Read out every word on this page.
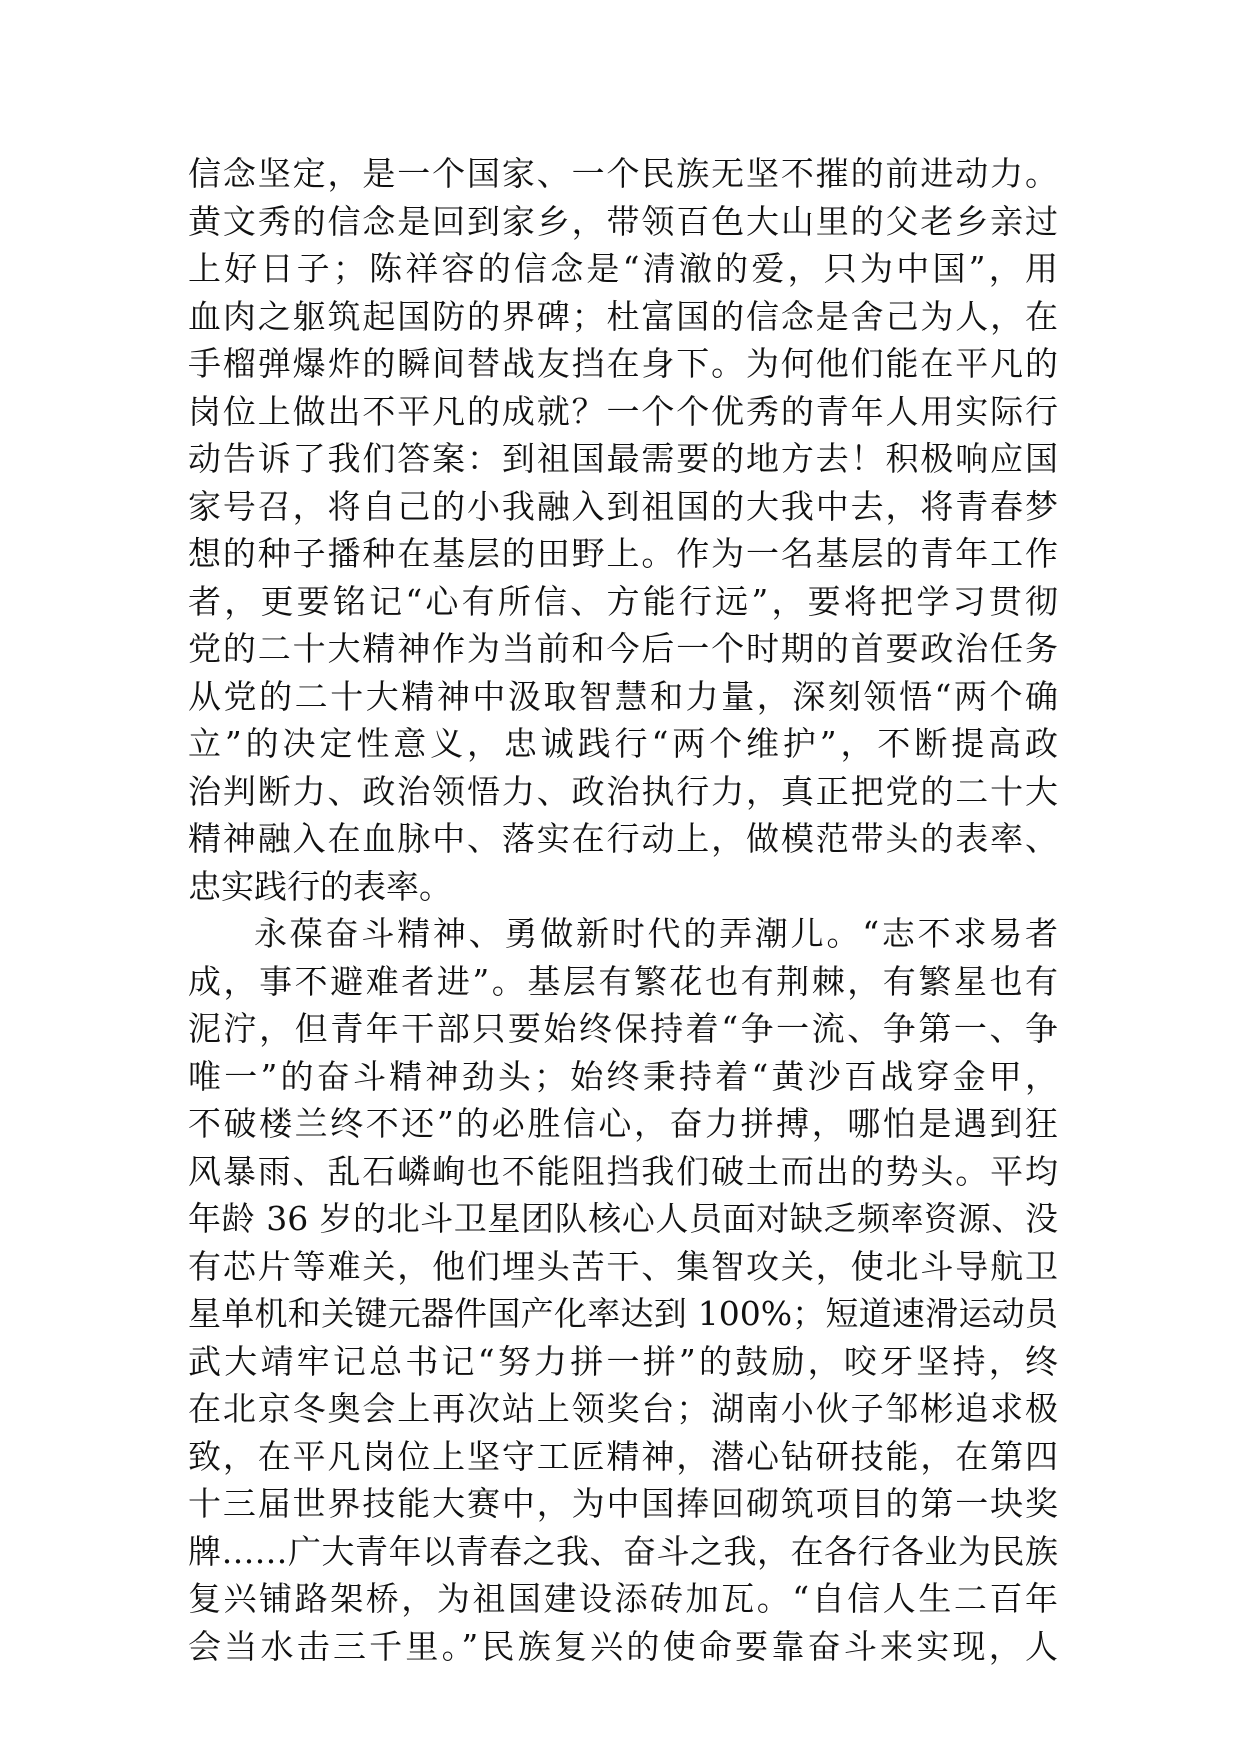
信念坚定，是一个国家、一个民族无坚不摧的前进动力。
黄文秀的信念是回到家乡，带领百色大山里的父老乡亲过
上好日子；陈祥容的信念是“清澈的爱，只为中国”，用
血肉之躯筑起国防的界碑；杜富国的信念是舍己为人，在
手榴弹爆炸的瞬间替战友挡在身下。为何他们能在平凡的
岗位上做出不平凡的成就？一个个优秀的青年人用实际行
动告诉了我们答案：到祖国最需要的地方去！积极响应国
家号召，将自己的小我融入到祖国的大我中去，将青春梦
想的种子播种在基层的田野上。作为一名基层的青年工作
者，更要铭记“心有所信、方能行远”，要将把学习贯彻
党的二十大精神作为当前和今后一个时期的首要政治任务
从党的二十大精神中汲取智慧和力量，深刻领悟“两个确
立”的决定性意义，忠诚践行“两个维护”，不断提高政
治判断力、政治领悟力、政治执行力，真正把党的二十大
精神融入在血脉中、落实在行动上，做模范带头的表率、
忠实践行的表率。
永葆奋斗精神、勇做新时代的弄潮儿。“志不求易者
成，事不避难者进”。基层有繁花也有荆棘，有繁星也有
泥泞，但青年干部只要始终保持着“争一流、争第一、争
唯一”的奋斗精神劲头；始终秉持着“黄沙百战穿金甲，
不破楼兰终不还”的必胜信心，奋力拼搏，哪怕是遇到狂
风暴雨、乱石嶙峋也不能阻挡我们破土而出的势头。平均
年龄 36 岁的北斗卫星团队核心人员面对缺乏频率资源、没
有芯片等难关，他们埋头苦干、集智攻关，使北斗导航卫
星单机和关键元器件国产化率达到 100%；短道速滑运动员
武大靖牢记总书记“努力拼一拼”的鼓励，咬牙坚持，终
在北京冬奥会上再次站上领奖台；湖南小伙子邹彬追求极
致，在平凡岗位上坚守工匠精神，潜心钻研技能，在第四
十三届世界技能大赛中，为中国捧回砌筑项目的第一块奖
牌……广大青年以青春之我、奋斗之我，在各行各业为民族
复兴铺路架桥，为祖国建设添砖加瓦。“自信人生二百年
会当水击三千里。”民族复兴的使命要靠奋斗来实现，人
